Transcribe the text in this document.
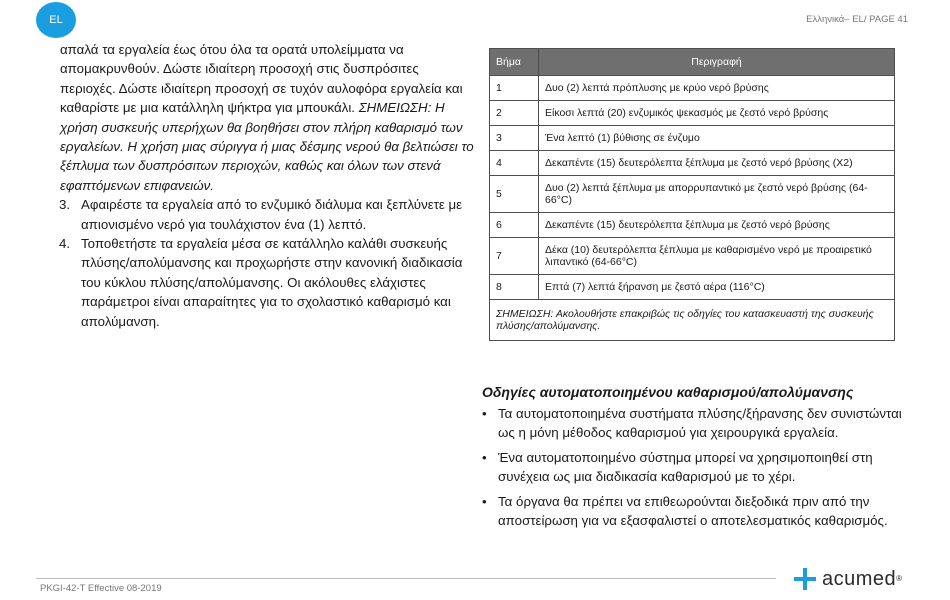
EL	Ελληνικά– EL/ PAGE 41

απαλά τα εργαλεία έως ότου όλα τα ορατά υπολείμματα να απομακρυνθούν. Δώστε ιδιαίτερη προσοχή στις δυσπρόσιτες περιοχές. Δώστε ιδιαίτερη προσοχή σε τυχόν αυλοφόρα εργαλεία και καθαρίστε με μια κατάλληλη ψήκτρα για μπουκάλι. ΣΗΜΕΙΩΣΗ: Η χρήση συσκευής υπερήχων θα βοηθήσει στον πλήρη καθαρισμό των εργαλείων. Η χρήση μιας σύριγγα ή μιας δέσμης νερού θα βελτιώσει το ξέπλυμα των δυσπρόσιτων περιοχών, καθώς και όλων των στενά εφαπτόμενων επιφανειών.

3. Αφαιρέστε τα εργαλεία από το ενζυμικό διάλυμα και ξεπλύνετε με απιονισμένο νερό για τουλάχιστον ένα (1) λεπτό.
4. Τοποθετήστε τα εργαλεία μέσα σε κατάλληλο καλάθι συσκευής πλύσης/απολύμανσης και προχωρήστε στην κανονική διαδικασία του κύκλου πλύσης/απολύμανσης. Οι ακόλουθες ελάχιστες παράμετροι είναι απαραίτητες για το σχολαστικό καθαρισμό και απολύμανση.
Βήμα	Περιγραφή
1	Δυο (2) λεπτά πρόπλυσης με κρύο νερό βρύσης
2	Είκοσι λεπτά (20) ενζυμικός ψεκασμός με ζεστό νερό βρύσης
3	Ένα λεπτό (1) βύθισης σε ένζυμο
4	Δεκαπέντε (15) δευτερόλεπτα ξέπλυμα με ζεστό νερό βρύσης (X2)
5	Δυο (2) λεπτά ξέπλυμα με απορρυπαντικό με ζεστό νερό βρύσης (64-66°C)
6	Δεκαπέντε (15) δευτερόλεπτα ξέπλυμα με ζεστό νερό βρύσης
7	Δέκα (10) δευτερόλεπτα ξέπλυμα με καθαρισμένο νερό με προαιρετικό λιπαντικό (64-66°C)
8	Επτά (7) λεπτά ξήρανση με ζεστό αέρα (116°C)
ΣΗΜΕΙΩΣΗ: Ακολουθήστε επακριβώς τις οδηγίες του κατασκευαστή της συσκευής πλύσης/απολύμανσης.	
Οδηγίες αυτοματοποιημένου καθαρισμού/απολύμανσης
• Τα αυτοματοποιημένα συστήματα πλύσης/ξήρανσης δεν συνιστώνται ως η μόνη μέθοδος καθαρισμού για χειρουργικά εργαλεία.
• Ένα αυτοματοποιημένο σύστημα μπορεί να χρησιμοποιηθεί στη συνέχεια ως μια διαδικασία καθαρισμού με το χέρι.
• Τα όργανα θα πρέπει να επιθεωρούνται διεξοδικά πριν από την αποστείρωση για να εξασφαλιστεί ο αποτελεσματικός καθαρισμός.
PKGI-42-T Effective 08-2019	acumed®
